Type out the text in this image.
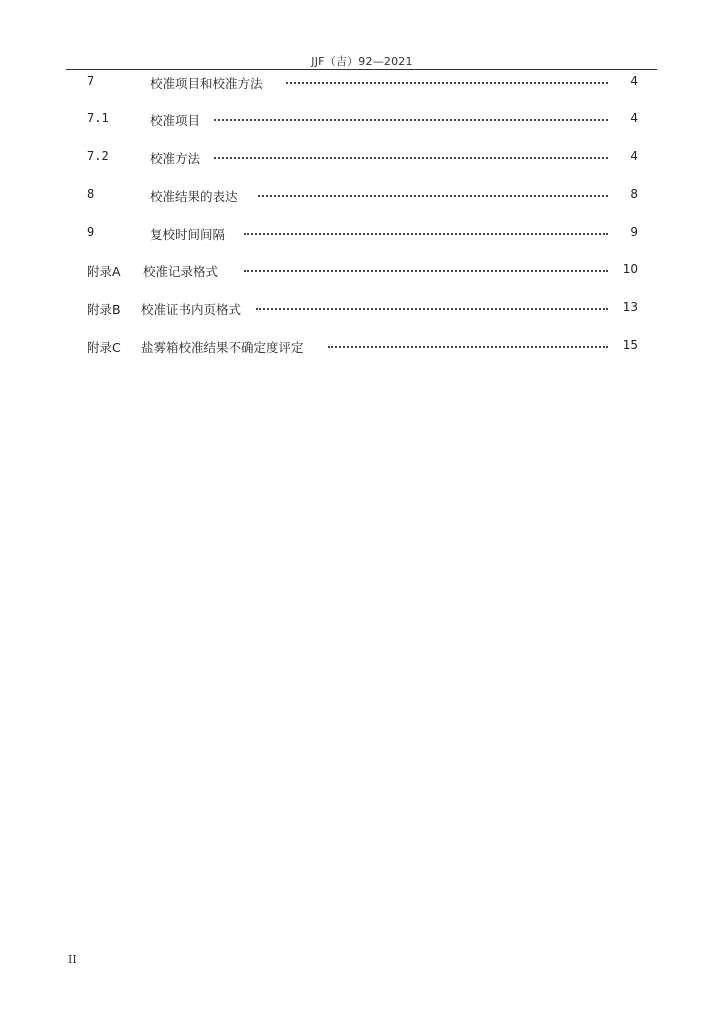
JJF（吉）92—2021
7	校准项目和校准方法	4
7.1	校准项目	4
7.2	校准方法	4
8	校准结果的表达	8
9	复校时间间隔	9
附录A 校准记录格式	10
附录B 校准证书内页格式	13
附录C 盐雾箱校准结果不确定度评定	15
II
